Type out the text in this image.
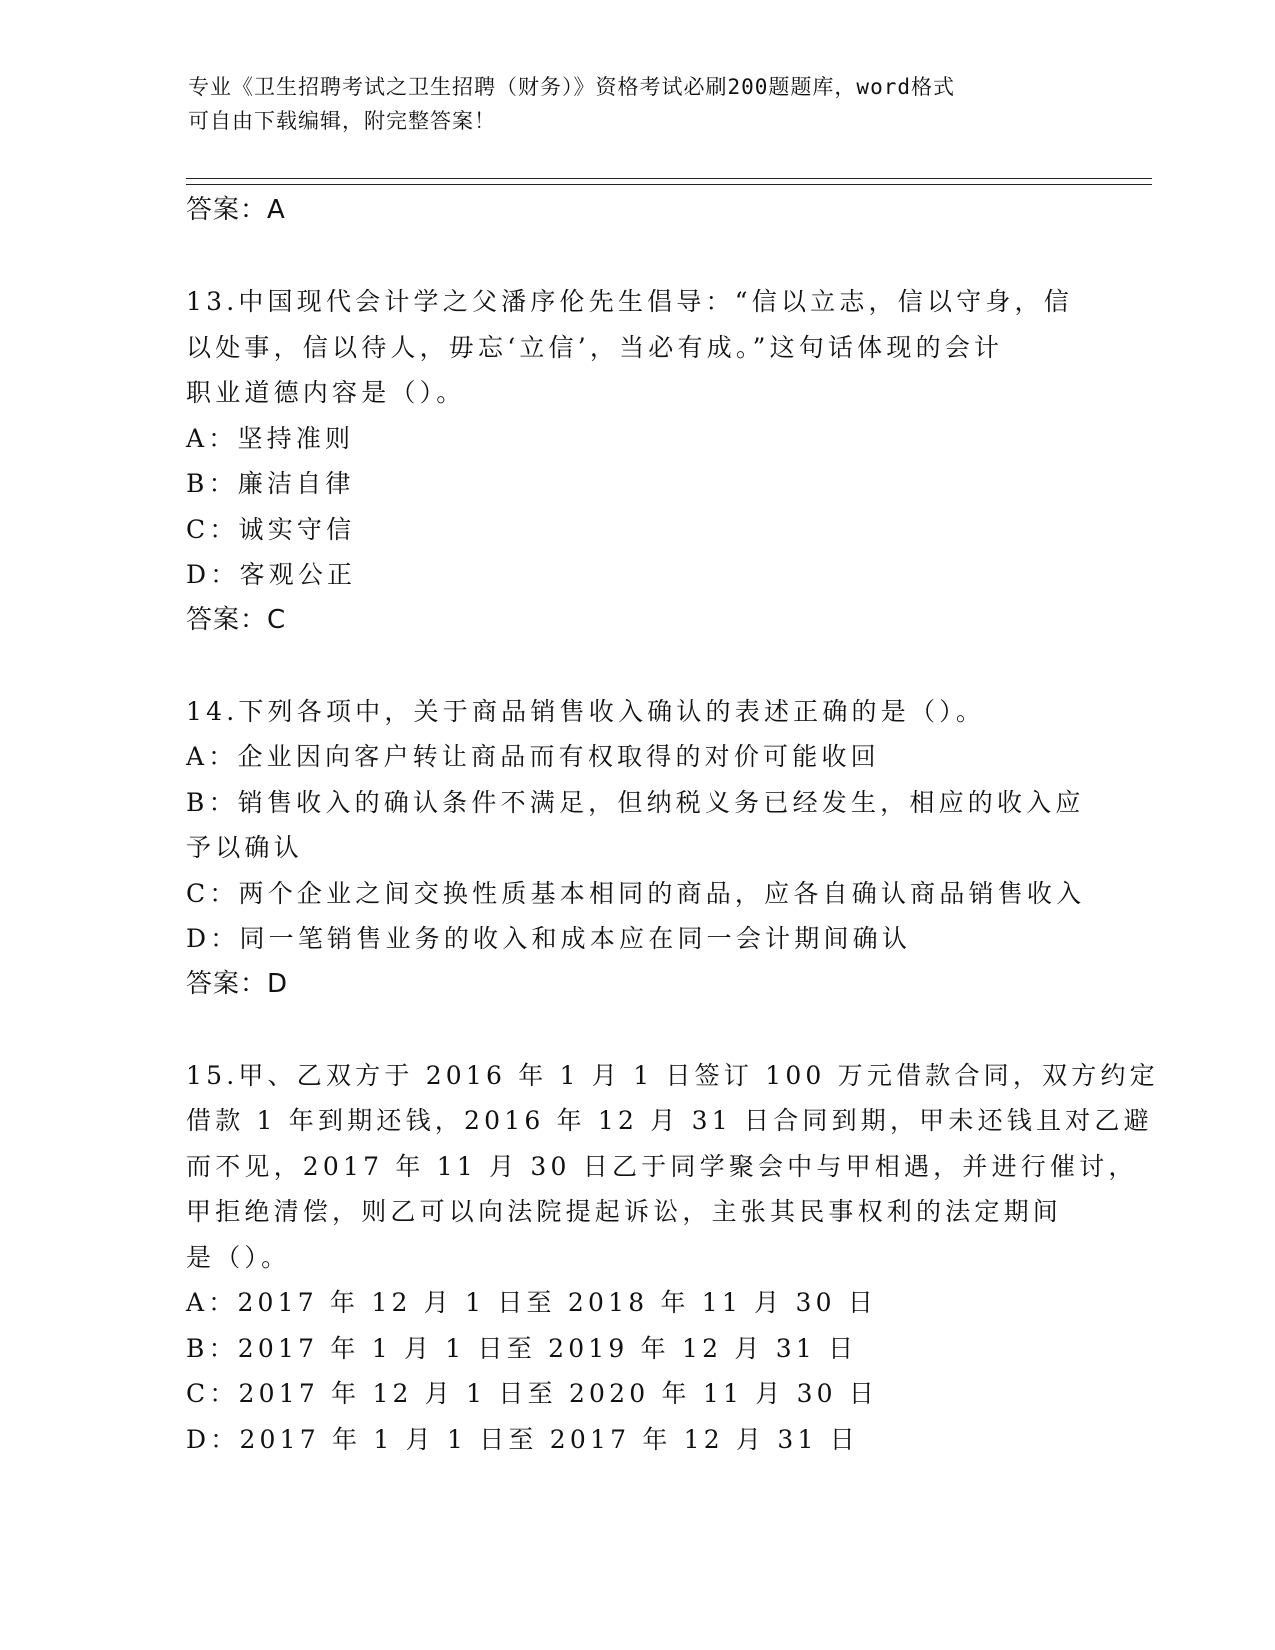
专业《卫生招聘考试之卫生招聘（财务）》资格考试必刷200题题库，word格式
可自由下载编辑，附完整答案！
答案：A
13.中国现代会计学之父潘序伦先生倡导：“信以立志，信以守身，信
以处事，信以待人，毋忘‘立信’，当必有成。”这句话体现的会计
职业道德内容是（）。
A：坚持准则
B：廉洁自律
C：诚实守信
D：客观公正
答案：C
14.下列各项中，关于商品销售收入确认的表述正确的是（）。
A：企业因向客户转让商品而有权取得的对价可能收回
B：销售收入的确认条件不满足，但纳税义务已经发生，相应的收入应
予以确认
C：两个企业之间交换性质基本相同的商品，应各自确认商品销售收入
D：同一笔销售业务的收入和成本应在同一会计期间确认
答案：D
15.甲、乙双方于 2016 年 1 月 1 日签订 100 万元借款合同，双方约定
借款 1 年到期还钱，2016 年 12 月 31 日合同到期，甲未还钱且对乙避
而不见，2017 年 11 月 30 日乙于同学聚会中与甲相遇，并进行催讨，
甲拒绝清偿，则乙可以向法院提起诉讼，主张其民事权利的法定期间
是（）。
A：2017 年 12 月 1 日至 2018 年 11 月 30 日
B：2017 年 1 月 1 日至 2019 年 12 月 31 日
C：2017 年 12 月 1 日至 2020 年 11 月 30 日
D：2017 年 1 月 1 日至 2017 年 12 月 31 日
